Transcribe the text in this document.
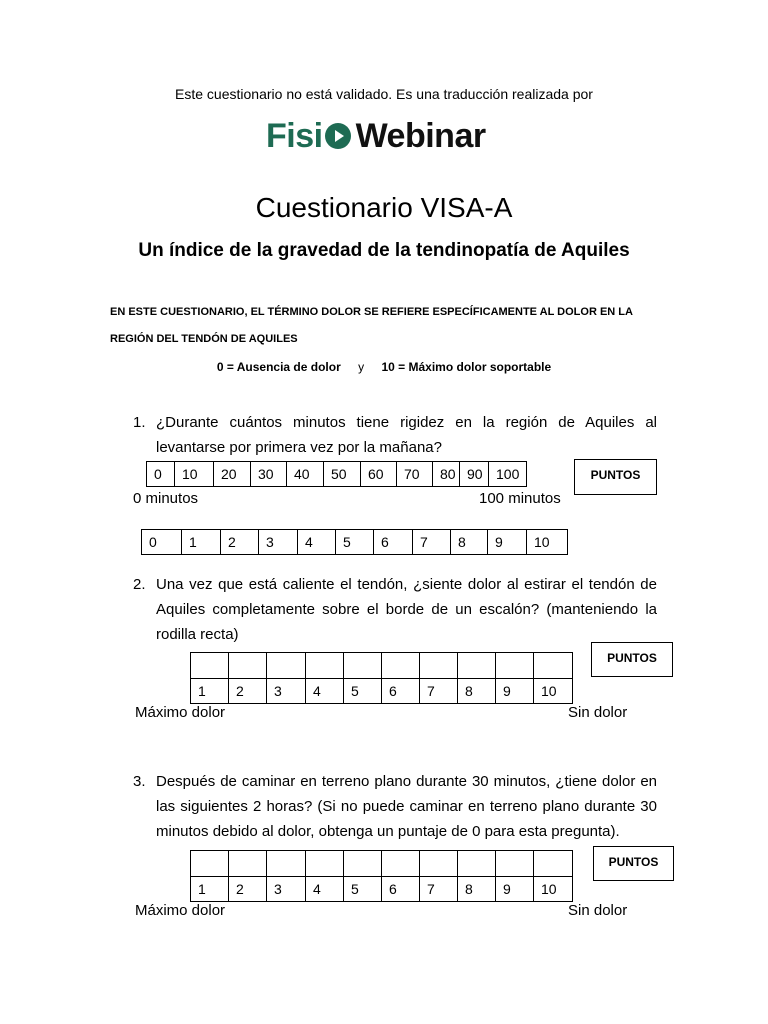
Este cuestionario no está validado. Es una traducción realizada por
Fisi Webinar
Cuestionario VISA-A
Un índice de la gravedad de la tendinopatía de Aquiles
EN ESTE CUESTIONARIO, EL TÉRMINO DOLOR SE REFIERE ESPECÍFICAMENTE AL DOLOR EN LA
REGIÓN DEL TENDÓN DE AQUILES
0 = Ausencia de dolor y 10 = Máximo dolor soportable
1. ¿Durante cuántos minutos tiene rigidez en la región de Aquiles al levantarse por primera vez por la mañana?
0	10	20	30	40	50	60	70	80 90 100	PUNTOS
0 minutos	100 minutos
0	1	2	3	4	5	6	7	8	9	10
2. Una vez que está caliente el tendón, ¿siente dolor al estirar el tendón de Aquiles completamente sobre el borde de un escalón? (manteniendo la rodilla recta)
1	2	3	4	5	6	7	8	9	10
PUNTOS
Máximo dolor	Sin dolor
3. Después de caminar en terreno plano durante 30 minutos, ¿tiene dolor en las siguientes 2 horas? (Si no puede caminar en terreno plano durante 30 minutos debido al dolor, obtenga un puntaje de 0 para esta pregunta).
1	2	3	4	5	6	7	8	9	10
PUNTOS
Máximo dolor	Sin dolor
